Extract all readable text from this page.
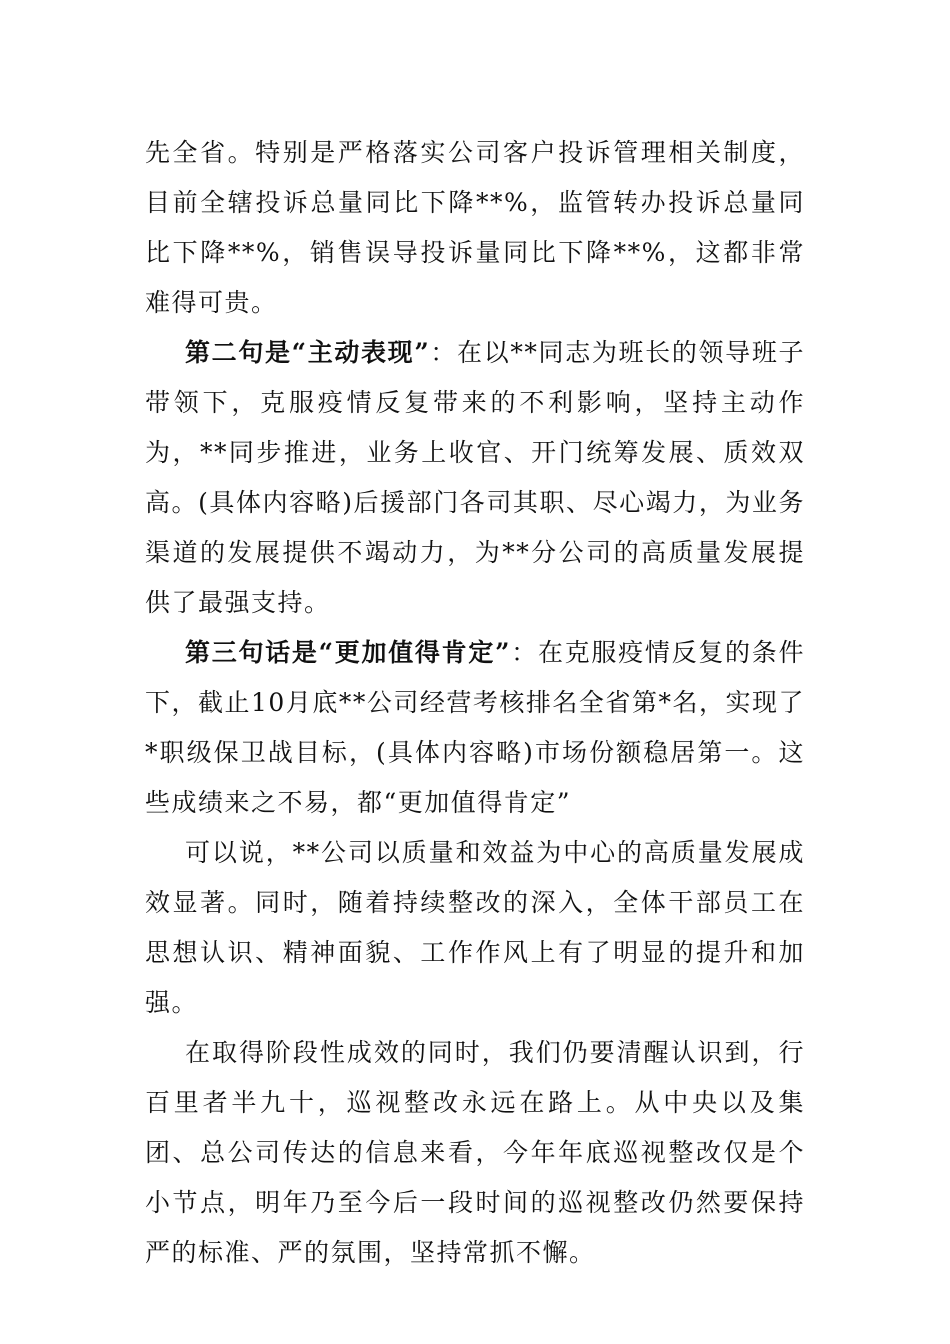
先全省。特别是严格落实公司客户投诉管理相关制度，目前全辖投诉总量同比下降**%，监管转办投诉总量同比下降**%，销售误导投诉量同比下降**%，这都非常难得可贵。

第二句是“主动表现”：在以**同志为班长的领导班子带领下，克服疫情反复带来的不利影响，坚持主动作为，**同步推进，业务上收官、开门统筹发展、质效双高。(具体内容略)后援部门各司其职、尽心竭力，为业务渠道的发展提供不竭动力，为**分公司的高质量发展提供了最强支持。

第三句话是“更加值得肯定”：在克服疫情反复的条件下，截止10月底**公司经营考核排名全省第*名，实现了*职级保卫战目标，(具体内容略)市场份额稳居第一。这些成绩来之不易，都“更加值得肯定”

可以说，**公司以质量和效益为中心的高质量发展成效显著。同时，随着持续整改的深入，全体干部员工在思想认识、精神面貌、工作作风上有了明显的提升和加强。

在取得阶段性成效的同时，我们仍要清醒认识到，行百里者半九十，巡视整改永远在路上。从中央以及集团、总公司传达的信息来看，今年年底巡视整改仅是个小节点，明年乃至今后一段时间的巡视整改仍然要保持严的标准、严的氛围，坚持常抓不懈。
